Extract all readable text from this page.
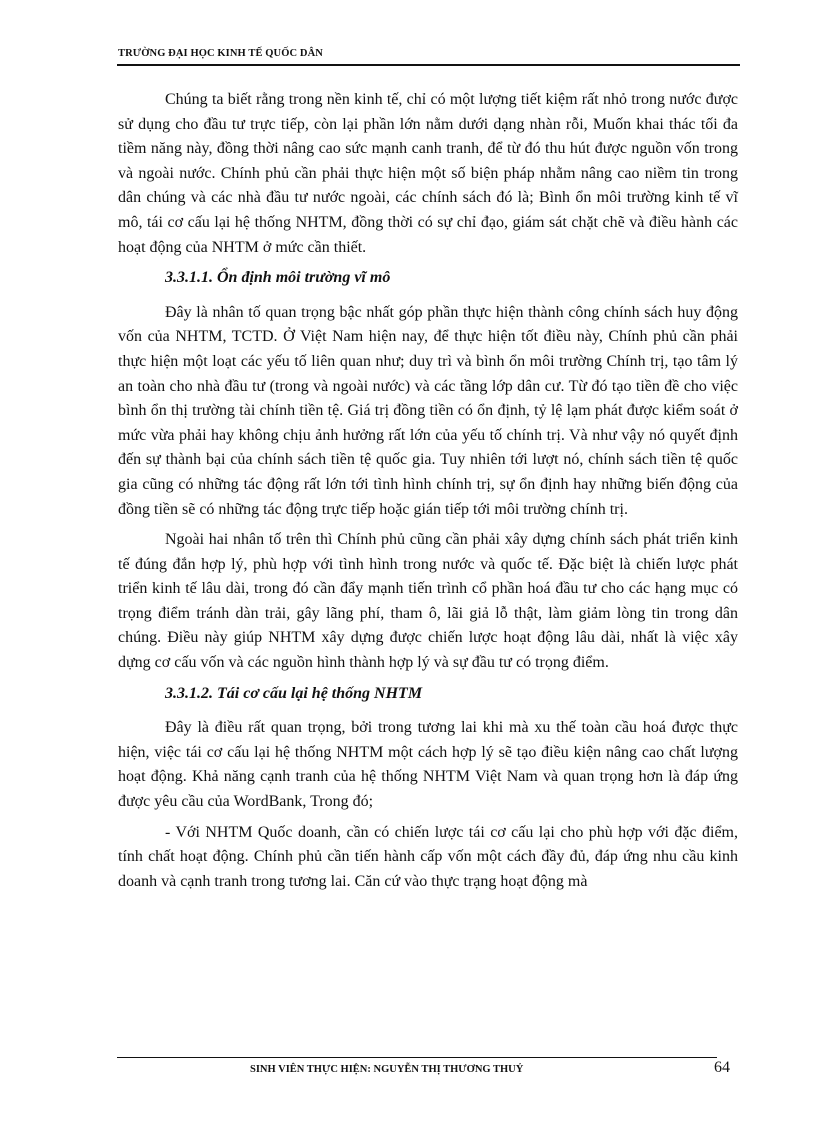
TRƯỜNG ĐẠI HỌC KINH TẾ QUỐC DÂN

Chúng ta biết rằng trong nền kinh tế, chỉ có một lượng tiết kiệm rất nhỏ trong nước được sử dụng cho đầu tư trực tiếp, còn lại phần lớn nằm dưới dạng nhàn rỗi, Muốn khai thác tối đa tiềm năng này, đồng thời nâng cao sức mạnh canh tranh, để từ đó thu hút được nguồn vốn trong và ngoài nước. Chính phủ cần phải thực hiện một số biện pháp nhằm nâng cao niềm tin trong dân chúng và các nhà đầu tư nước ngoài, các chính sách đó là; Bình ổn môi trường kinh tế vĩ mô, tái cơ cấu lại hệ thống NHTM, đồng thời có sự chỉ đạo, giám sát chặt chẽ và điều hành các hoạt động của NHTM ở mức cần thiết.

3.3.1.1. Ổn định môi trường vĩ mô

Đây là nhân tố quan trọng bậc nhất góp phần thực hiện thành công chính sách huy động vốn của NHTM, TCTD. Ở Việt Nam hiện nay, để thực hiện tốt điều này, Chính phủ cần phải thực hiện một loạt các yếu tố liên quan như; duy trì và bình ổn môi trường Chính trị, tạo tâm lý an toàn cho nhà đầu tư (trong và ngoài nước) và các tầng lớp dân cư. Từ đó tạo tiền đề cho việc bình ổn thị trường tài chính tiền tệ. Giá trị đồng tiền có ổn định, tỷ lệ lạm phát được kiểm soát ở mức vừa phải hay không chịu ảnh hưởng rất lớn của yếu tố chính trị. Và như vậy nó quyết định đến sự thành bại của chính sách tiền tệ quốc gia. Tuy nhiên tới lượt nó, chính sách tiền tệ quốc gia cũng có những tác động rất lớn tới tình hình chính trị, sự ổn định hay những biến động của đồng tiền sẽ có những tác động trực tiếp hoặc gián tiếp tới môi trường chính trị.

Ngoài hai nhân tố trên thì Chính phủ cũng cần phải xây dựng chính sách phát triển kinh tế đúng đắn hợp lý, phù hợp với tình hình trong nước và quốc tế. Đặc biệt là chiến lược phát triển kinh tế lâu dài, trong đó cần đẩy mạnh tiến trình cổ phần hoá đầu tư cho các hạng mục có trọng điểm tránh dàn trải, gây lãng phí, tham ô, lãi giả lỗ thật, làm giảm lòng tin trong dân chúng. Điều này giúp NHTM xây dựng được chiến lược hoạt động lâu dài, nhất là việc xây dựng cơ cấu vốn và các nguồn hình thành hợp lý và sự đầu tư có trọng điểm.

3.3.1.2. Tái cơ cấu lại hệ thống NHTM

Đây là điều rất quan trọng, bởi trong tương lai khi mà xu thế toàn cầu hoá được thực hiện, việc tái cơ cấu lại hệ thống NHTM một cách hợp lý sẽ tạo điều kiện nâng cao chất lượng hoạt động. Khả năng cạnh tranh của hệ thống NHTM Việt Nam và quan trọng hơn là đáp ứng được yêu cầu của WordBank, Trong đó;

- Với NHTM Quốc doanh, cần có chiến lược tái cơ cấu lại cho phù hợp với đặc điểm, tính chất hoạt động. Chính phủ cần tiến hành cấp vốn một cách đầy đủ, đáp ứng nhu cầu kinh doanh và cạnh tranh trong tương lai. Căn cứ vào thực trạng hoạt động mà

SINH VIÊN THỰC HIỆN: NGUYỄN THỊ THƯƠNG THUỶ	64
